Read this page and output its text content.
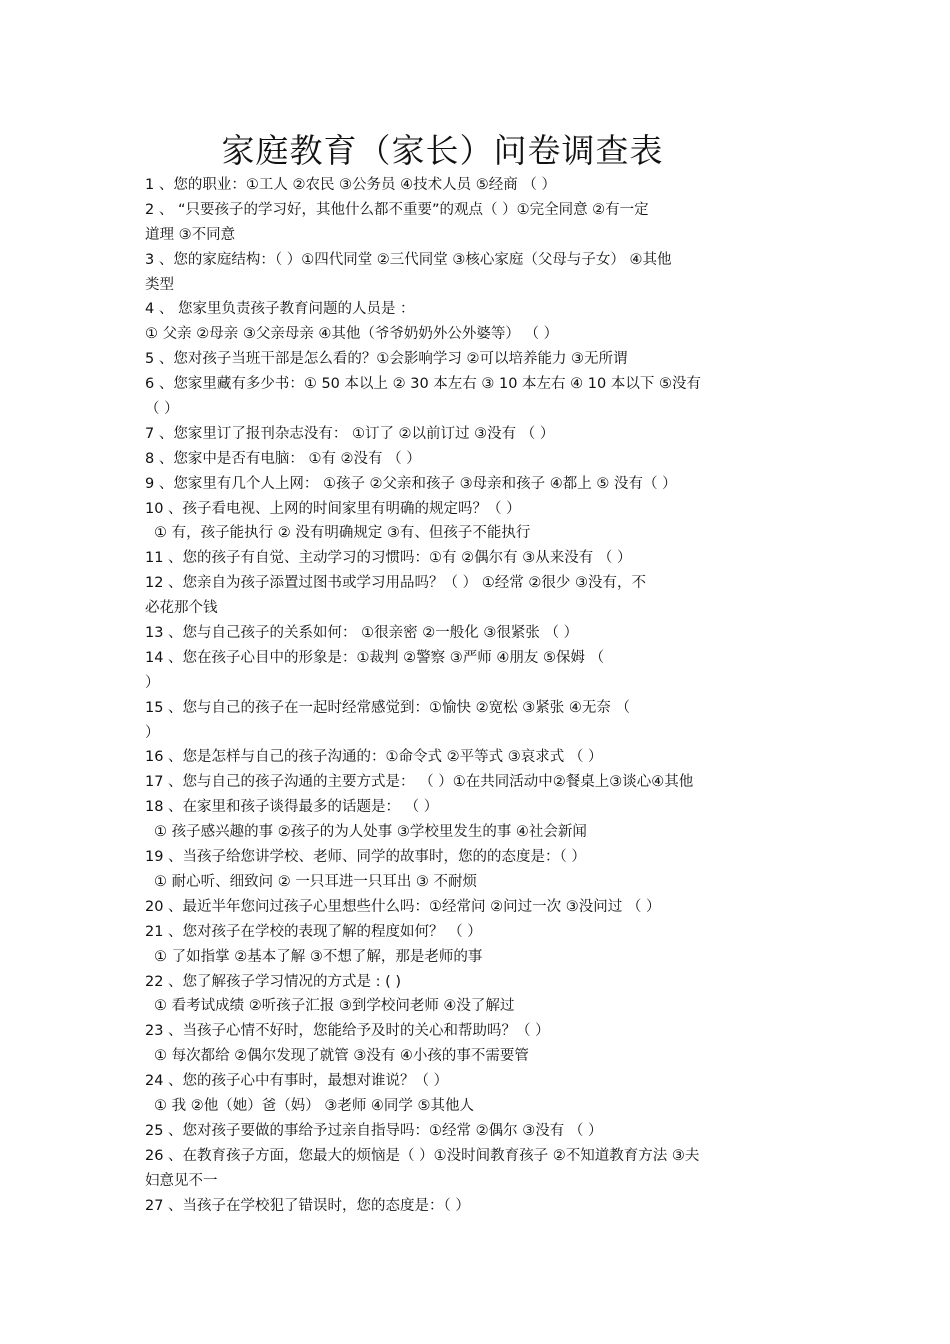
家庭教育（家长）问卷调查表
1 、您的职业：①工人 ②农民 ③公务员 ④技术人员 ⑤经商 （ ）
2 、 “只要孩子的学习好，其他什么都不重要”的观点（ ）①完全同意 ②有一定
道理 ③不同意
3 、您的家庭结构：（ ）①四代同堂 ②三代同堂 ③核心家庭（父母与子女） ④其他
类型
4 、 您家里负责孩子教育问题的人员是 ：
① 父亲 ②母亲 ③父亲母亲 ④其他（爷爷奶奶外公外婆等） （ ）
5 、您对孩子当班干部是怎么看的？①会影响学习 ②可以培养能力 ③无所谓
6 、您家里藏有多少书：① 50 本以上 ② 30 本左右 ③ 10 本左右 ④ 10 本以下 ⑤没有
（ ）
7 、您家里订了报刊杂志没有： ①订了 ②以前订过 ③没有 （ ）
8 、您家中是否有电脑： ①有 ②没有 （ ）
9 、您家里有几个人上网： ①孩子 ②父亲和孩子 ③母亲和孩子 ④都上 ⑤ 没有（ ）
10 、孩子看电视、上网的时间家里有明确的规定吗？（ ）
① 有，孩子能执行 ② 没有明确规定 ③有、但孩子不能执行
11 、您的孩子有自觉、主动学习的习惯吗：①有 ②偶尔有 ③从来没有 （ ）
12 、您亲自为孩子添置过图书或学习用品吗？（ ） ①经常 ②很少 ③没有，不
必花那个钱
13 、您与自己孩子的关系如何： ①很亲密 ②一般化 ③很紧张 （ ）
14 、您在孩子心目中的形象是：①裁判 ②警察 ③严师 ④朋友 ⑤保姆 （
）
15 、您与自己的孩子在一起时经常感觉到：①愉快 ②宽松 ③紧张 ④无奈 （
）
16 、您是怎样与自己的孩子沟通的：①命令式 ②平等式 ③哀求式 （ ）
17 、您与自己的孩子沟通的主要方式是： （ ）①在共同活动中②餐桌上③谈心④其他
18 、在家里和孩子谈得最多的话题是： （ ）
① 孩子感兴趣的事 ②孩子的为人处事 ③学校里发生的事 ④社会新闻
19 、当孩子给您讲学校、老师、同学的故事时，您的的态度是：（ ）
① 耐心听、细致问 ② 一只耳进一只耳出 ③ 不耐烦
20 、最近半年您问过孩子心里想些什么吗：①经常问 ②问过一次 ③没问过 （ ）
21 、您对孩子在学校的表现了解的程度如何？ （ ）
① 了如指掌 ②基本了解 ③不想了解，那是老师的事
22 、您了解孩子学习情况的方式是 : ( )
① 看考试成绩 ②听孩子汇报 ③到学校问老师 ④没了解过
23 、当孩子心情不好时，您能给予及时的关心和帮助吗？（ ）
① 每次都给 ②偶尔发现了就管 ③没有 ④小孩的事不需要管
24 、您的孩子心中有事时，最想对谁说？（ ）
① 我 ②他（她）爸（妈） ③老师 ④同学 ⑤其他人
25 、您对孩子要做的事给予过亲自指导吗：①经常 ②偶尔 ③没有 （ ）
26 、在教育孩子方面，您最大的烦恼是（ ）①没时间教育孩子 ②不知道教育方法 ③夫
妇意见不一
27 、当孩子在学校犯了错误时，您的态度是：（ ）
